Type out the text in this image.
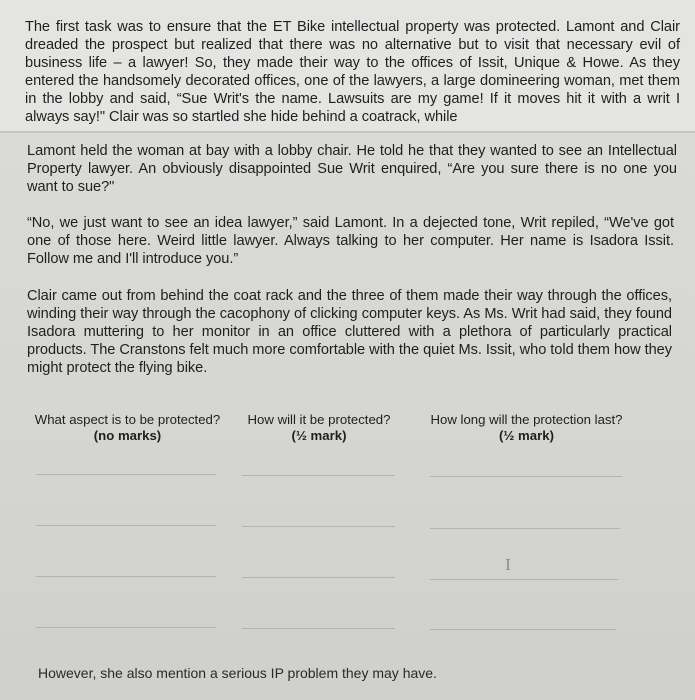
The first task was to ensure that the ET Bike intellectual property was protected. Lamont and Clair dreaded the prospect but realized that there was no alternative but to visit that necessary evil of business life – a lawyer! So, they made their way to the offices of Issit, Unique & Howe. As they entered the handsomely decorated offices, one of the lawyers, a large domineering woman, met them in the lobby and said, “Sue Writ's the name. Lawsuits are my game! If it moves hit it with a writ I always say!" Clair was so startled she hide behind a coatrack, while

Lamont held the woman at bay with a lobby chair. He told he that they wanted to see an Intellectual Property lawyer. An obviously disappointed Sue Writ enquired, “Are you sure there is no one you want to sue?"

“No, we just want to see an idea lawyer,” said Lamont. In a dejected tone, Writ repiled, “We've got one of those here. Weird little lawyer. Always talking to her computer. Her name is Isadora Issit. Follow me and I'll introduce you.”

Clair came out from behind the coat rack and the three of them made their way through the offices, winding their way through the cacophony of clicking computer keys. As Ms. Writ had said, they found Isadora muttering to her monitor in an office cluttered with a plethora of particularly practical products. The Cranstons felt much more comfortable with the quiet Ms. Issit, who told them how they might protect the flying bike.

What aspect is to be protected?
(no marks)
How will it be protected?
(½ mark)
How long will the protection last?
(½ mark)
I
However, she also mention a serious IP problem they may have.
